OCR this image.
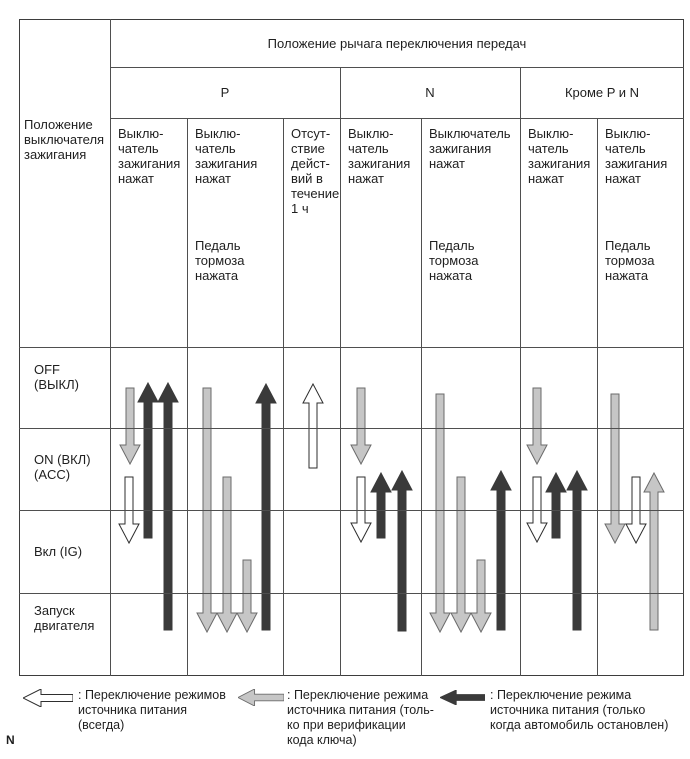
Положение рычага переключения передач
Положение
выключателя
зажигания
P	N	Кроме P и N
Выклю-
чатель
зажигания
нажат
Выклю-
чатель
зажигания
нажат
Педаль
тормоза
нажата
Отсут-
ствие
дейст-
вий в
течение
1 ч
Выклю-
чатель
зажигания
нажат
Выключатель
зажигания
нажат
Педаль
тормоза
нажата
Выклю-
чатель
зажигания
нажат
Выклю-
чатель
зажигания
нажат
Педаль
тормоза
нажата
OFF
(ВЫКЛ)
ON (ВКЛ)
(ACC)
Вкл (IG)
Запуск
двигателя
: Переключение режимов
источника питания
(всегда)
: Переключение режима
источника питания (толь-
ко при верификации
кода ключа)
: Переключение режима
источника питания (только
когда автомобиль остановлен)
N
